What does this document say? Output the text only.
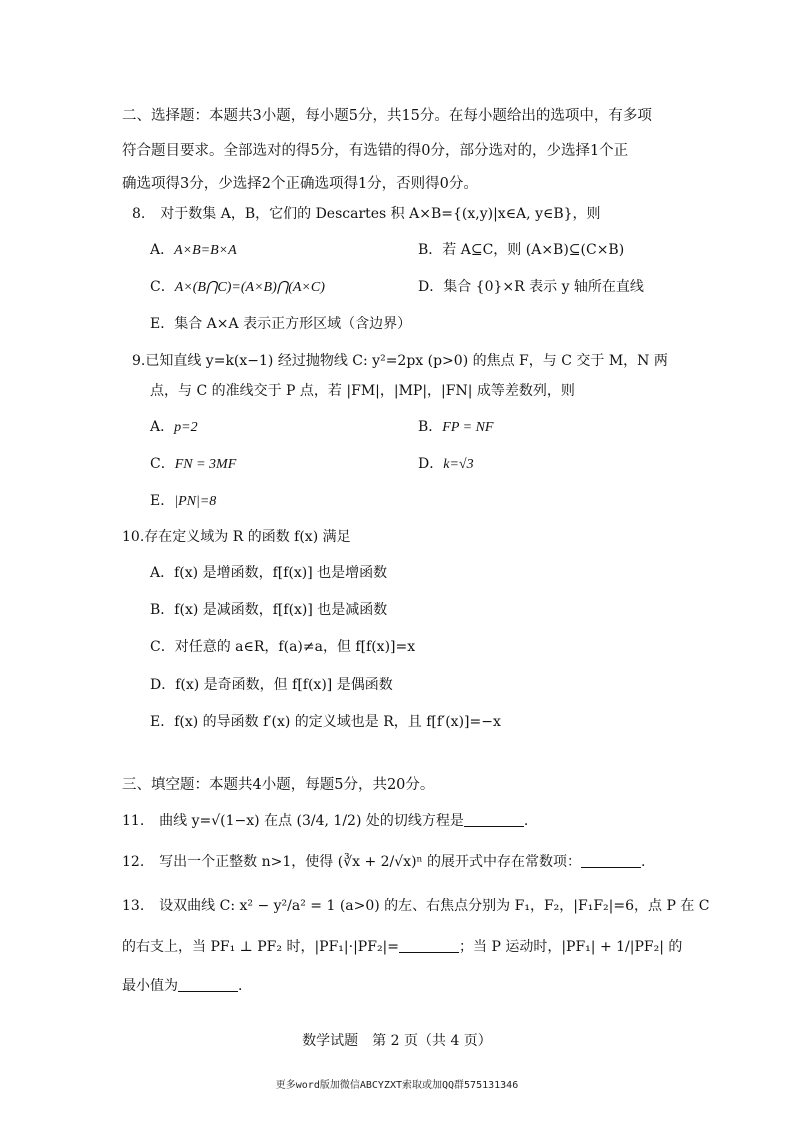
二、选择题：本题共3小题，每小题5分，共15分。在每小题给出的选项中，有多项
符合题目要求。全部选对的得5分，有选错的得0分，部分选对的，少选择1个正
确选项得3分，少选择2个正确选项得1分，否则得0分。
8. 对于数集 A，B，它们的 Descartes 积 A×B={(x,y)|x∈A, y∈B}，则
A．A×B=B×A	B．若 A⊆C，则 (A×B)⊆(C×B)
C．A×(B⋂C)=(A×B)⋂(A×C)	D．集合 {0}×R 表示 y 轴所在直线
E．集合 A×A 表示正方形区域（含边界）
9.已知直线 y=k(x−1) 经过抛物线 C: y²=2px (p>0) 的焦点 F，与 C 交于 M，N 两
点，与 C 的准线交于 P 点，若 |FM|，|MP|，|FN| 成等差数列，则
A．p=2	B．FP = NF
C．FN = 3MF	D．k=√3
E．|PN|=8
10.存在定义域为 R 的函数 f(x) 满足
A．f(x) 是增函数，f[f(x)] 也是增函数
B．f(x) 是减函数，f[f(x)] 也是减函数
C．对任意的 a∈R，f(a)≠a，但 f[f(x)]=x
D．f(x) 是奇函数，但 f[f(x)] 是偶函数
E．f(x) 的导函数 f′(x) 的定义域也是 R，且 f[f′(x)]=−x
三、填空题：本题共4小题，每题5分，共20分。
11. 曲线 y=√(1−x) 在点 (3/4, 1/2) 处的切线方程是	.
12. 写出一个正整数 n>1，使得 (∛x + 2/√x)ⁿ 的展开式中存在常数项：	.
13. 设双曲线 C: x² − y²/a² = 1 (a>0) 的左、右焦点分别为 F₁，F₂，|F₁F₂|=6，点 P 在 C
的右支上，当 PF₁ ⊥ PF₂ 时，|PF₁|·|PF₂|=	；当 P 运动时，|PF₁| + 1/|PF₂| 的
最小值为	.
数学试题　第 2 页（共 4 页）
更多word版加微信ABCYZXT索取或加QQ群575131346
